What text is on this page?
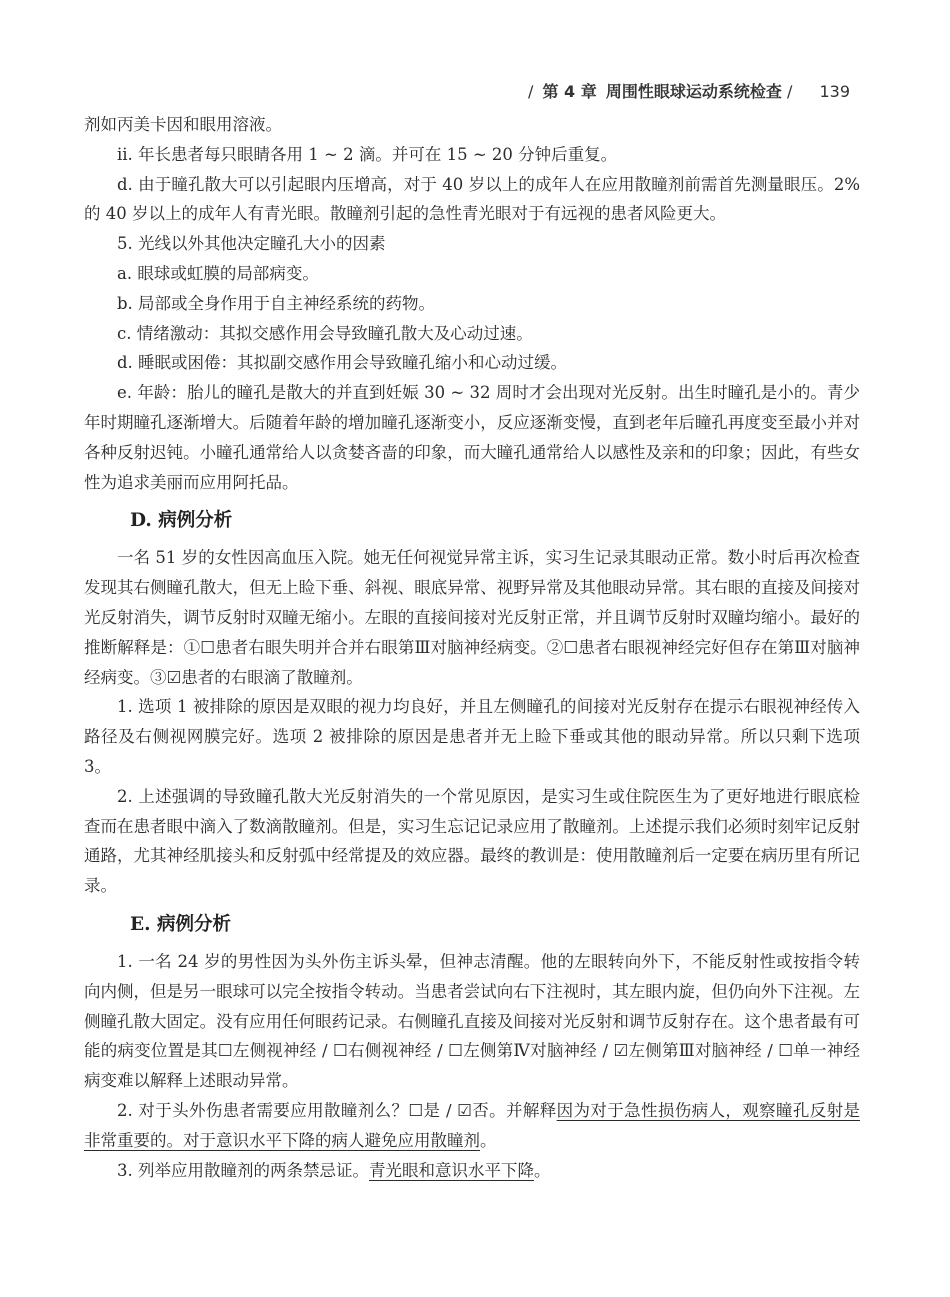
∕ 第 4 章 周围性眼球运动系统检查 ∕ 139

剂如丙美卡因和眼用溶液。

ⅱ. 年长患者每只眼睛各用 1 ~ 2 滴。并可在 15 ~ 20 分钟后重复。

d. 由于瞳孔散大可以引起眼内压增高，对于 40 岁以上的成年人在应用散瞳剂前需首先测量眼压。2% 的 40 岁以上的成年人有青光眼。散瞳剂引起的急性青光眼对于有远视的患者风险更大。

5. 光线以外其他决定瞳孔大小的因素

a. 眼球或虹膜的局部病变。

b. 局部或全身作用于自主神经系统的药物。

c. 情绪激动：其拟交感作用会导致瞳孔散大及心动过速。

d. 睡眠或困倦：其拟副交感作用会导致瞳孔缩小和心动过缓。

e. 年龄：胎儿的瞳孔是散大的并直到妊娠 30 ~ 32 周时才会出现对光反射。出生时瞳孔是小的。青少年时期瞳孔逐渐增大。后随着年龄的增加瞳孔逐渐变小，反应逐渐变慢，直到老年后瞳孔再度变至最小并对各种反射迟钝。小瞳孔通常给人以贪婪吝啬的印象，而大瞳孔通常给人以感性及亲和的印象；因此，有些女性为追求美丽而应用阿托品。

D. 病例分析

一名 51 岁的女性因高血压入院。她无任何视觉异常主诉，实习生记录其眼动正常。数小时后再次检查发现其右侧瞳孔散大，但无上睑下垂、斜视、眼底异常、视野异常及其他眼动异常。其右眼的直接及间接对光反射消失，调节反射时双瞳无缩小。左眼的直接间接对光反射正常，并且调节反射时双瞳均缩小。最好的推断解释是：①☐患者右眼失明并合并右眼第Ⅲ对脑神经病变。②☐患者右眼视神经完好但存在第Ⅲ对脑神经病变。③☑患者的右眼滴了散瞳剂。

1. 选项 1 被排除的原因是双眼的视力均良好，并且左侧瞳孔的间接对光反射存在提示右眼视神经传入路径及右侧视网膜完好。选项 2 被排除的原因是患者并无上睑下垂或其他的眼动异常。所以只剩下选项 3。

2. 上述强调的导致瞳孔散大光反射消失的一个常见原因，是实习生或住院医生为了更好地进行眼底检查而在患者眼中滴入了数滴散瞳剂。但是，实习生忘记记录应用了散瞳剂。上述提示我们必须时刻牢记反射通路，尤其神经肌接头和反射弧中经常提及的效应器。最终的教训是：使用散瞳剂后一定要在病历里有所记录。

E. 病例分析

1. 一名 24 岁的男性因为头外伤主诉头晕，但神志清醒。他的左眼转向外下，不能反射性或按指令转向内侧，但是另一眼球可以完全按指令转动。当患者尝试向右下注视时，其左眼内旋，但仍向外下注视。左侧瞳孔散大固定。没有应用任何眼药记录。右侧瞳孔直接及间接对光反射和调节反射存在。这个患者最有可能的病变位置是其☐左侧视神经 ∕ ☐右侧视神经 ∕ ☐左侧第Ⅳ对脑神经 ∕ ☑左侧第Ⅲ对脑神经 ∕ ☐单一神经病变难以解释上述眼动异常。

2. 对于头外伤患者需要应用散瞳剂么？☐是 ∕ ☑否。并解释因为对于急性损伤病人，观察瞳孔反射是非常重要的。对于意识水平下降的病人避免应用散瞳剂。

3. 列举应用散瞳剂的两条禁忌证。青光眼和意识水平下降。
